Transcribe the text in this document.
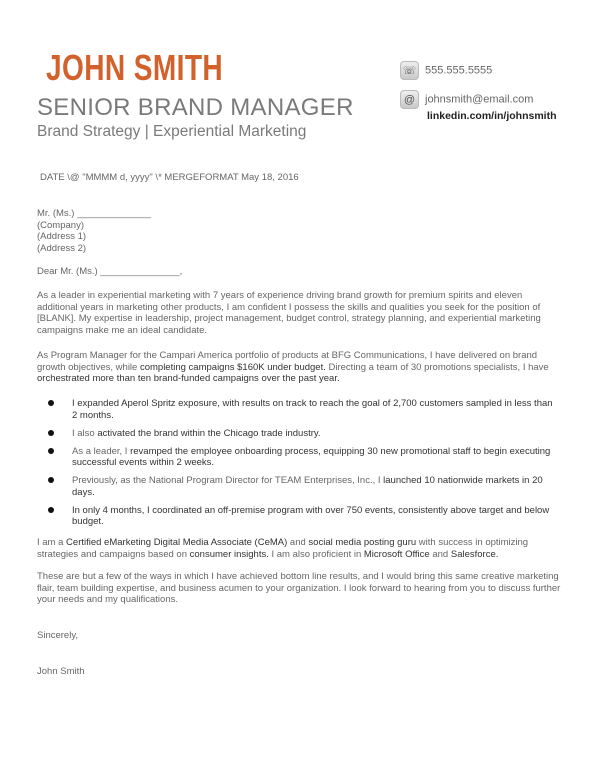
JOHN SMITH
SENIOR BRAND MANAGER
Brand Strategy | Experiential Marketing
☏ 555.555.5555
@ johnsmith@email.com
linkedin.com/in/johnsmith
DATE \@ "MMMM d, yyyy" \* MERGEFORMAT May 18, 2016
Mr. (Ms.) ______________
(Company)
(Address 1)
(Address 2)
Dear Mr. (Ms.) _______________,
As a leader in experiential marketing with 7 years of experience driving brand growth for premium spirits and eleven additional years in marketing other products, I am confident I possess the skills and qualities you seek for the position of [BLANK]. My expertise in leadership, project management, budget control, strategy planning, and experiential marketing campaigns make me an ideal candidate.
As Program Manager for the Campari America portfolio of products at BFG Communications, I have delivered on brand growth objectives, while completing campaigns $160K under budget. Directing a team of 30 promotions specialists, I have orchestrated more than ten brand-funded campaigns over the past year.
I expanded Aperol Spritz exposure, with results on track to reach the goal of 2,700 customers sampled in less than 2 months.
I also activated the brand within the Chicago trade industry.
As a leader, I revamped the employee onboarding process, equipping 30 new promotional staff to begin executing successful events within 2 weeks.
Previously, as the National Program Director for TEAM Enterprises, Inc., I launched 10 nationwide markets in 20 days.
In only 4 months, I coordinated an off-premise program with over 750 events, consistently above target and below budget.
I am a Certified eMarketing Digital Media Associate (CeMA) and social media posting guru with success in optimizing strategies and campaigns based on consumer insights. I am also proficient in Microsoft Office and Salesforce.
These are but a few of the ways in which I have achieved bottom line results, and I would bring this same creative marketing flair, team building expertise, and business acumen to your organization. I look forward to hearing from you to discuss further your needs and my qualifications.
Sincerely,
John Smith
